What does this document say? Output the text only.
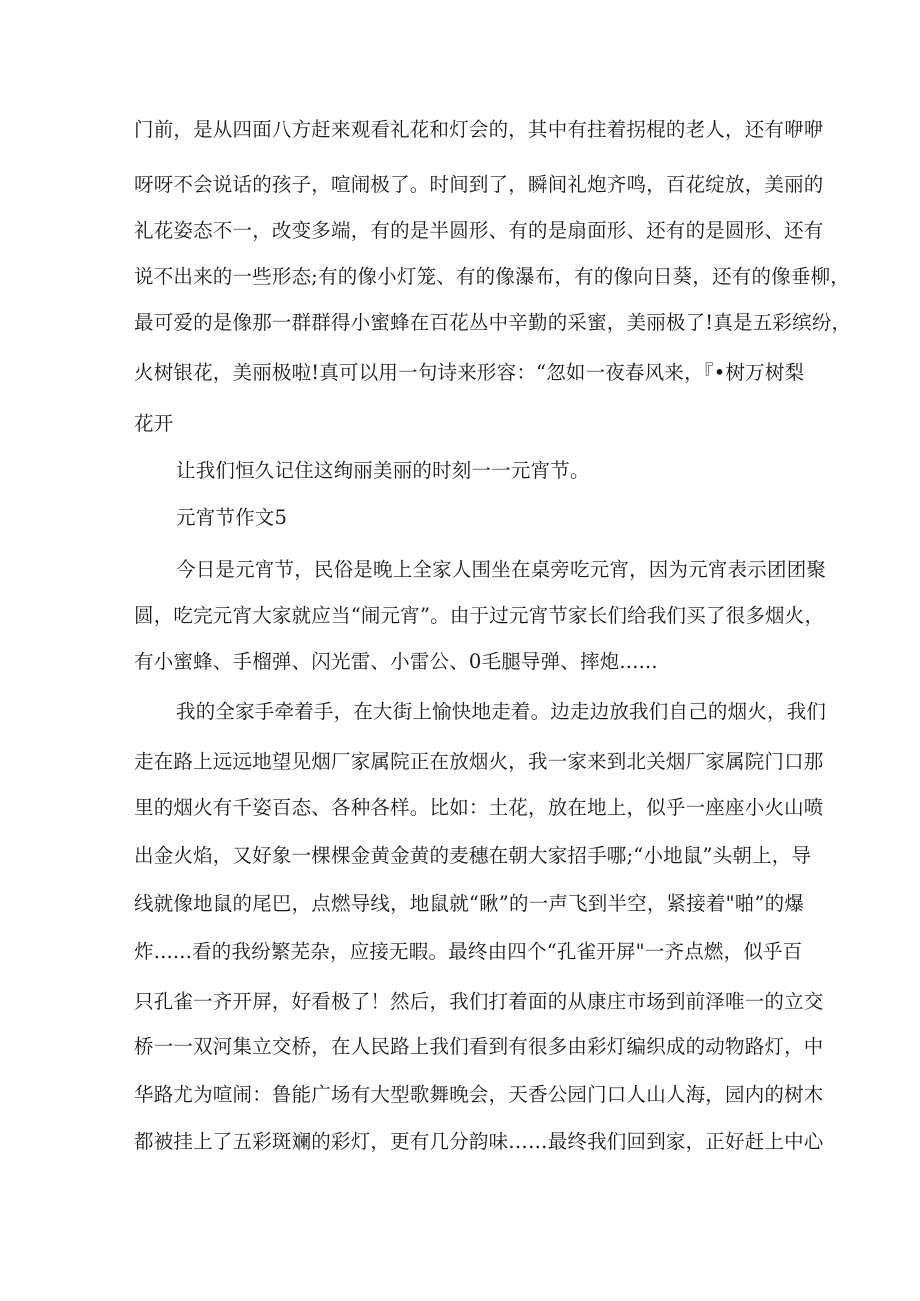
门前，是从四面八方赶来观看礼花和灯会的，其中有拄着拐棍的老人，还有咿咿
呀呀不会说话的孩子，喧闹极了。时间到了，瞬间礼炮齐鸣，百花绽放，美丽的
礼花姿态不一，改变多端，有的是半圆形、有的是扇面形、还有的是圆形、还有
说不出来的一些形态;有的像小灯笼、有的像瀑布，有的像向日葵，还有的像垂柳，
最可爱的是像那一群群得小蜜蜂在百花丛中辛勤的采蜜，美丽极了!真是五彩缤纷，
火树银花，美丽极啦!真可以用一句诗来形容：“忽如一夜春风来，『•树万树梨
花开
让我们恒久记住这绚丽美丽的时刻一一元宵节。
元宵节作文5
今日是元宵节，民俗是晚上全家人围坐在桌旁吃元宵，因为元宵表示团团聚
圆，吃完元宵大家就应当“闹元宵”。由于过元宵节家长们给我们买了很多烟火，
有小蜜蜂、手榴弹、闪光雷、小雷公、0毛腿导弹、摔炮......
我的全家手牵着手，在大街上愉快地走着。边走边放我们自己的烟火，我们
走在路上远远地望见烟厂家属院正在放烟火，我一家来到北关烟厂家属院门口那
里的烟火有千姿百态、各种各样。比如：土花，放在地上，似乎一座座小火山喷
出金火焰，又好象一棵棵金黄金黄的麦穗在朝大家招手哪;“小地鼠”头朝上，导
线就像地鼠的尾巴，点燃导线，地鼠就“瞅”的一声飞到半空，紧接着"啪”的爆
炸......看的我纷繁芜杂，应接无暇。最终由四个“孔雀开屏"一齐点燃，似乎百
只孔雀一齐开屏，好看极了！然后，我们打着面的从康庄市场到前泽唯一的立交
桥一一双河集立交桥，在人民路上我们看到有很多由彩灯编织成的动物路灯，中
华路尤为喧闹：鲁能广场有大型歌舞晚会，天香公园门口人山人海，园内的树木
都被挂上了五彩斑斓的彩灯，更有几分韵味……最终我们回到家，正好赶上中心
